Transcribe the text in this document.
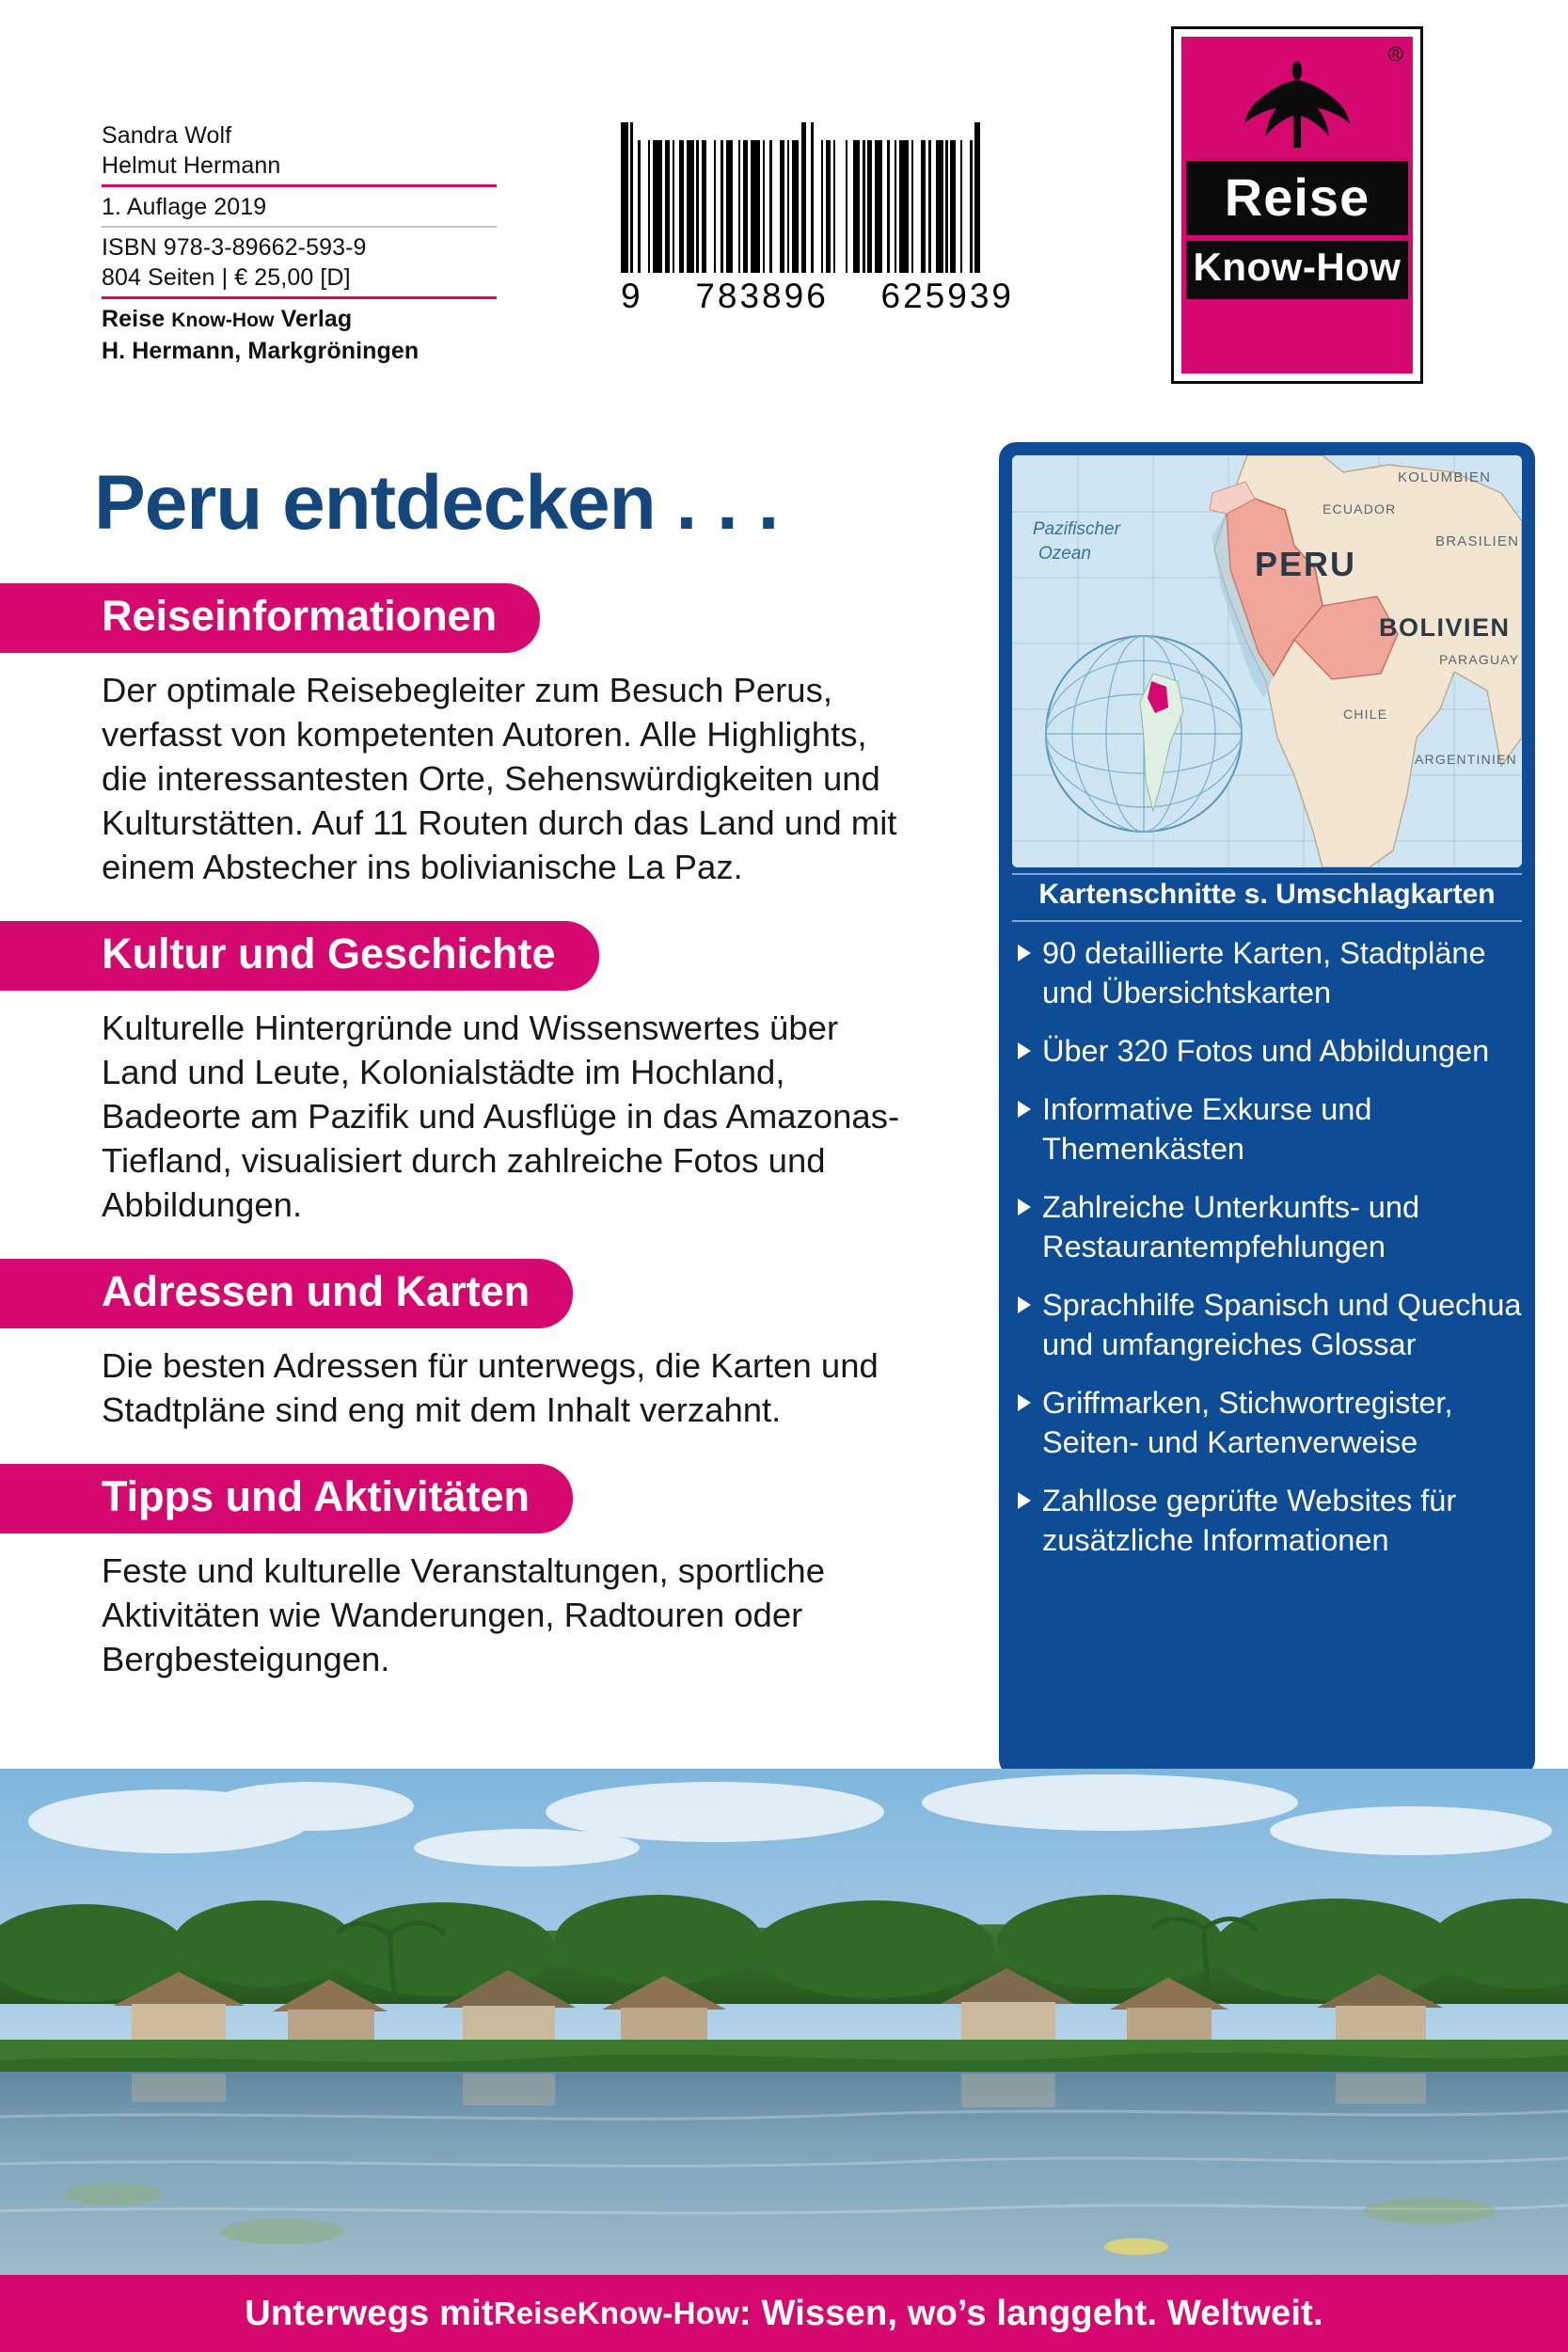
Sandra Wolf
Helmut Hermann
1. Auflage 2019
ISBN 978-3-89662-593-9
804 Seiten | € 25,00 [D]
Reise Know-How Verlag
H. Hermann, Markgröningen
9 783896 625939
®
Reise
Know-How
Peru entdecken . . .
Reiseinformationen

Der optimale Reisebegleiter zum Besuch Perus, verfasst von kompetenten Autoren. Alle Highlights, die interessantesten Orte, Sehenswürdigkeiten und Kulturstätten. Auf 11 Routen durch das Land und mit einem Abstecher ins bolivianische La Paz.

Kultur und Geschichte

Kulturelle Hintergründe und Wissenswertes über Land und Leute, Kolonialstädte im Hochland, Badeorte am Pazifik und Ausflüge in das Amazonas-Tiefland, visualisiert durch zahlreiche Fotos und Abbildungen.

Adressen und Karten

Die besten Adressen für unterwegs, die Karten und Stadtpläne sind eng mit dem Inhalt verzahnt.

Tipps und Aktivitäten

Feste und kulturelle Veranstaltungen, sportliche Aktivitäten wie Wanderungen, Radtouren oder Bergbesteigungen.

KOLUMBIEN
ECUADOR
BRASILIEN
PARAGUAY
CHILE
ARGENTINIEN
Pazifischer
Ozean	PERU
BOLIVIEN
Kartenschnitte s. Umschlagkarten
90 detaillierte Karten, Stadtpläne und Übersichtskarten
Über 320 Fotos und Abbildungen
Informative Exkurse und Themenkästen
Zahlreiche Unterkunfts- und Restaurantempfehlungen
Sprachhilfe Spanisch und Quechua und umfangreiches Glossar
Griffmarken, Stichwortregister, Seiten- und Kartenverweise
Zahllose geprüfte Websites für zusätzliche Informationen
Unterwegs mit Reise Know-How : Wissen, wo’s langgeht. Weltweit.
